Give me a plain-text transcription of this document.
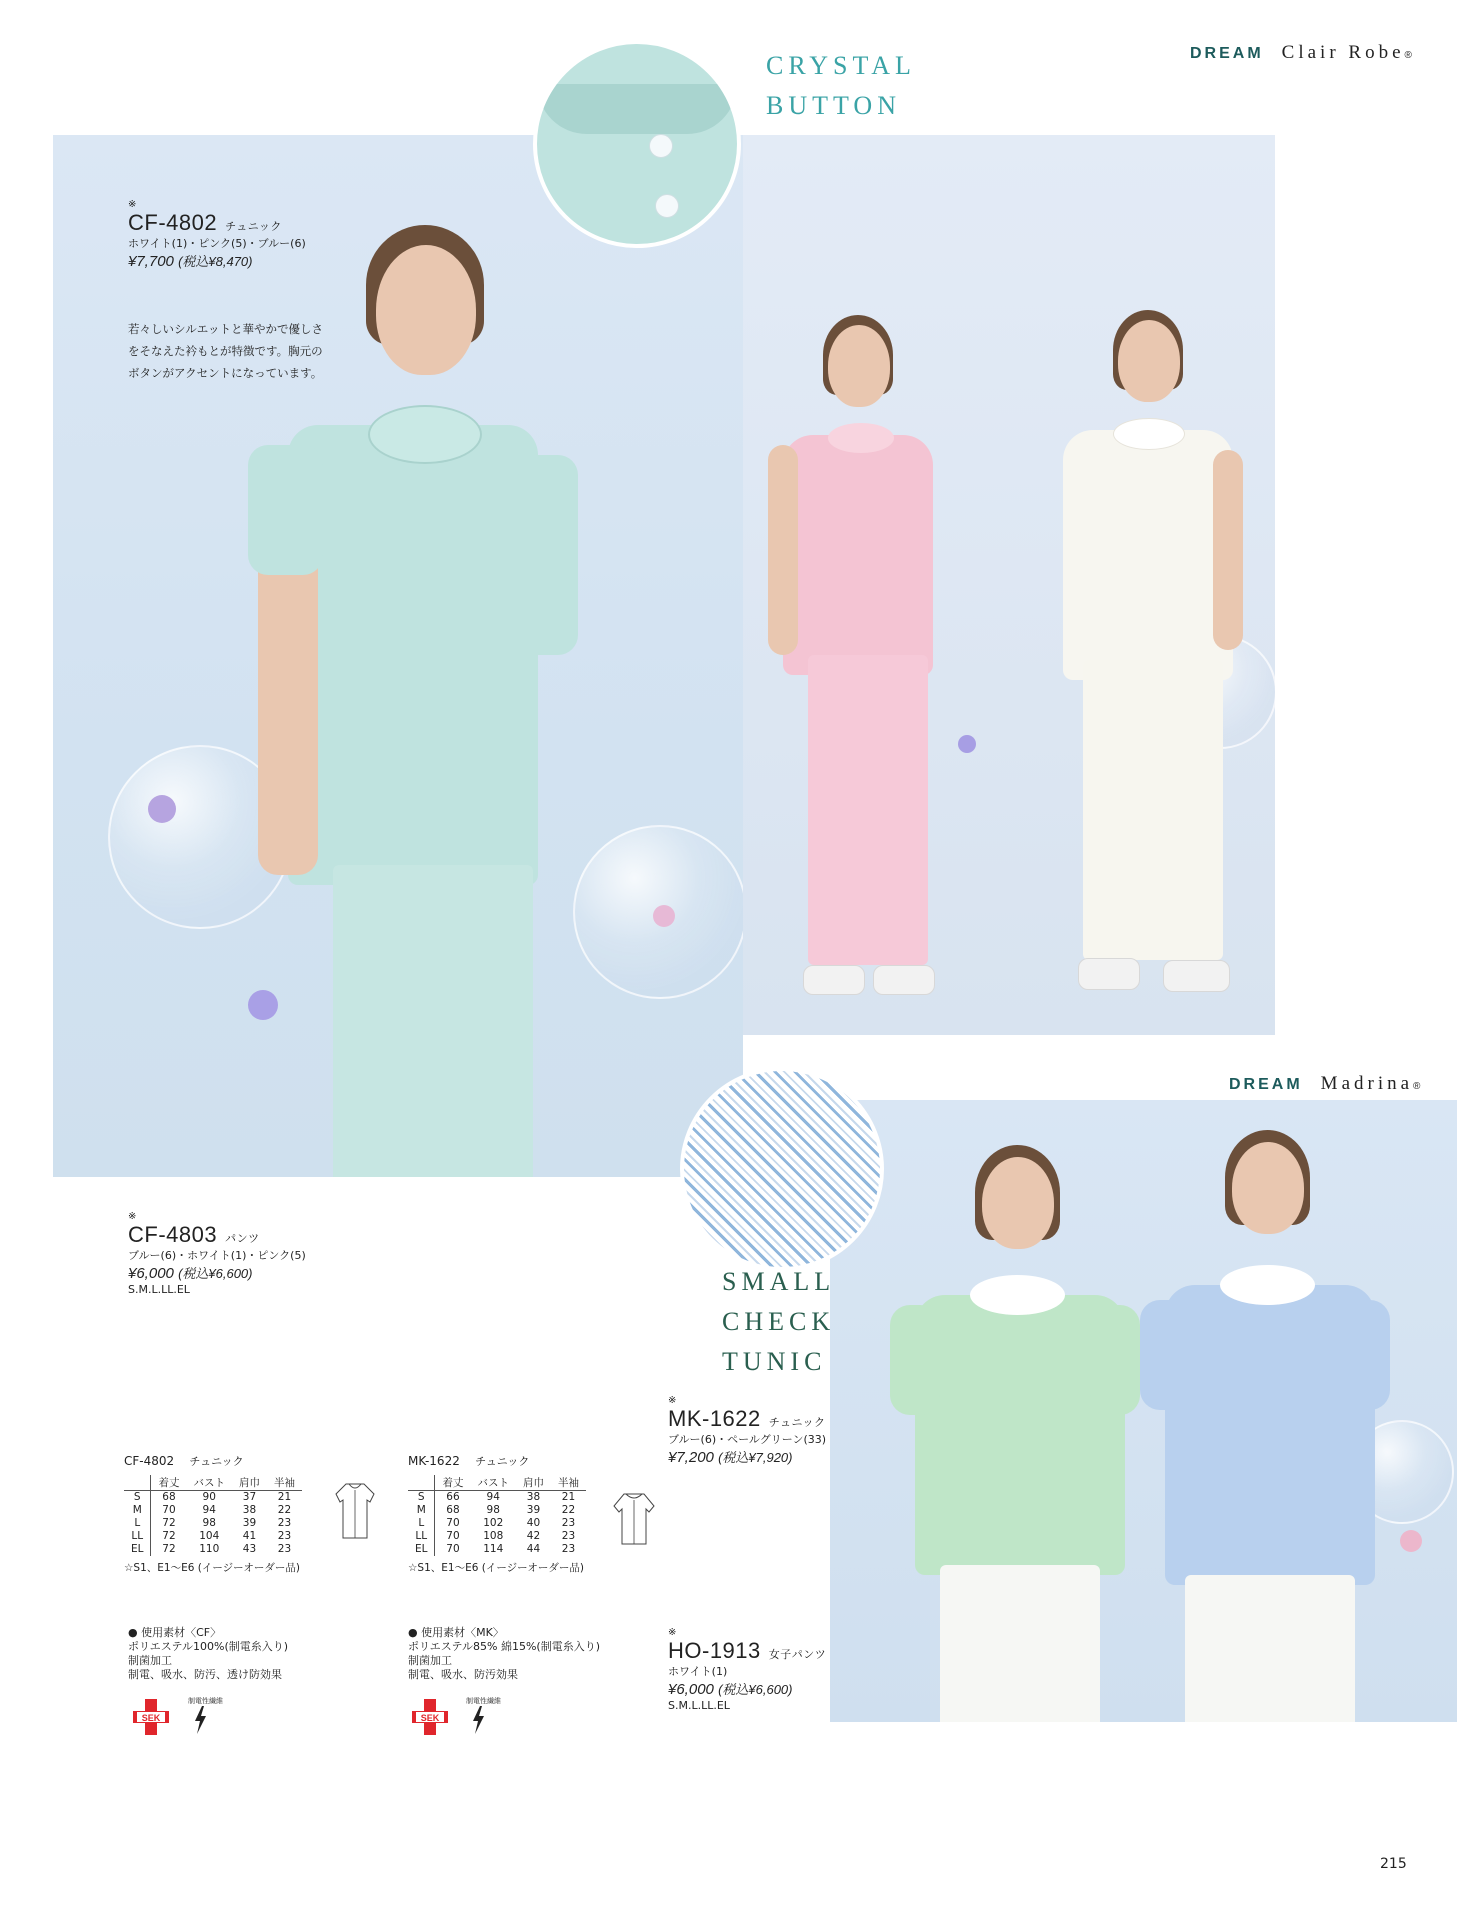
DREAM Clair Robe®
CRYSTAL
BUTTON
※
CF-4802 チュニック
ホワイト(1)・ピンク(5)・ブルー(6)
¥7,700 (税込¥8,470)
若々しいシルエットと華やかで優しさ
をそなえた衿もとが特徴です。胸元の
ボタンがアクセントになっています。
DREAM Madrina®
SMALL
CHECK
TUNIC
※
MK-1622 チュニック
ブルー(6)・ペールグリーン(33)
¥7,200 (税込¥7,920)
※
HO-1913 女子パンツ
ホワイト(1)
¥6,000 (税込¥6,600)
S.M.L.LL.EL
※
CF-4803 パンツ
ブルー(6)・ホワイト(1)・ピンク(5)
¥6,000 (税込¥6,600)
S.M.L.LL.EL
CF-4802 チュニック
	着丈	バスト	肩巾	半袖
S	68	90	37	21
M	70	94	38	22
L	72	98	39	23
LL	72	104	41	23
EL	72	110	43	23
☆S1、E1〜E6 (イージーオーダー品)
MK-1622 チュニック
	着丈	バスト	肩巾	半袖
S	66	94	38	21
M	68	98	39	22
L	70	102	40	23
LL	70	108	42	23
EL	70	114	44	23
☆S1、E1〜E6 (イージーオーダー品)
● 使用素材〈CF〉
ポリエステル100%(制電糸入り)
制菌加工
制電、吸水、防汚、透け防効果
● 使用素材〈MK〉
ポリエステル85% 綿15%(制電糸入り)
制菌加工
制電、吸水、防汚効果
SEK
制電性繊維
SEK
制電性繊維
215
